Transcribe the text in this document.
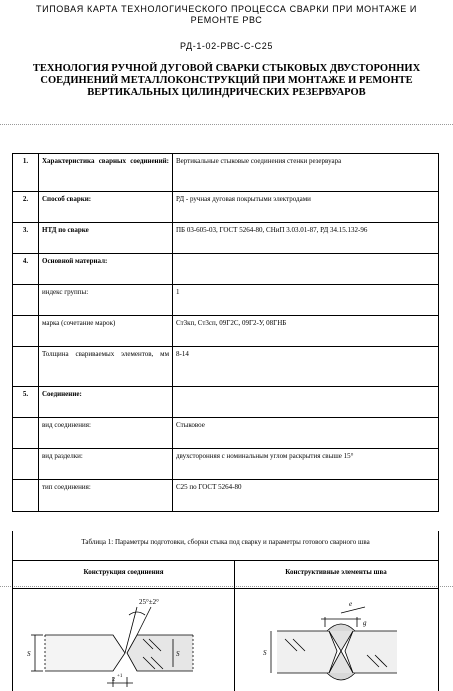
ТИПОВАЯ КАРТА ТЕХНОЛОГИЧЕСКОГО ПРОЦЕССА СВАРКИ ПРИ МОНТАЖЕ И
РЕМОНТЕ РВС
РД-1-02-РВС-С-С25
ТЕХНОЛОГИЯ РУЧНОЙ ДУГОВОЙ СВАРКИ СТЫКОВЫХ ДВУСТОРОННИХ
СОЕДИНЕНИЙ МЕТАЛЛОКОНСТРУКЦИЙ ПРИ МОНТАЖЕ И РЕМОНТЕ
ВЕРТИКАЛЬНЫХ ЦИЛИНДРИЧЕСКИХ РЕЗЕРВУАРОВ
1.	Характеристика сварных соединений:	Вертикальные стыковые соединения стенки резервуара
2.	Способ сварки:	РД - ручная дуговая покрытыми электродами
3.	НТД по сварке	ПБ 03-605-03, ГОСТ 5264-80, СНиП 3.03.01-87, РД 34.15.132-96
4.	Основной материал:	
	индекс группы:	1
	марка (сочетание марок)	Ст3кп, Ст3сп, 09Г2С, 09Г2-У, 08ГНБ
	Толщина свариваемых элементов, мм	8-14
5.	Соединение:	
	вид соединения:	Стыковое
	вид разделки:	двухсторонняя с номинальным углом раскрытия свыше 15°
	тип соединения:	С25 по ГОСТ 5264-80
Таблица 1: Параметры подготовки, сборки стыка под сварку и параметры готового сварного шва
Конструкция соединения	Конструктивные элементы шва
25°±2°
S	S
2
+1
e
S
g
